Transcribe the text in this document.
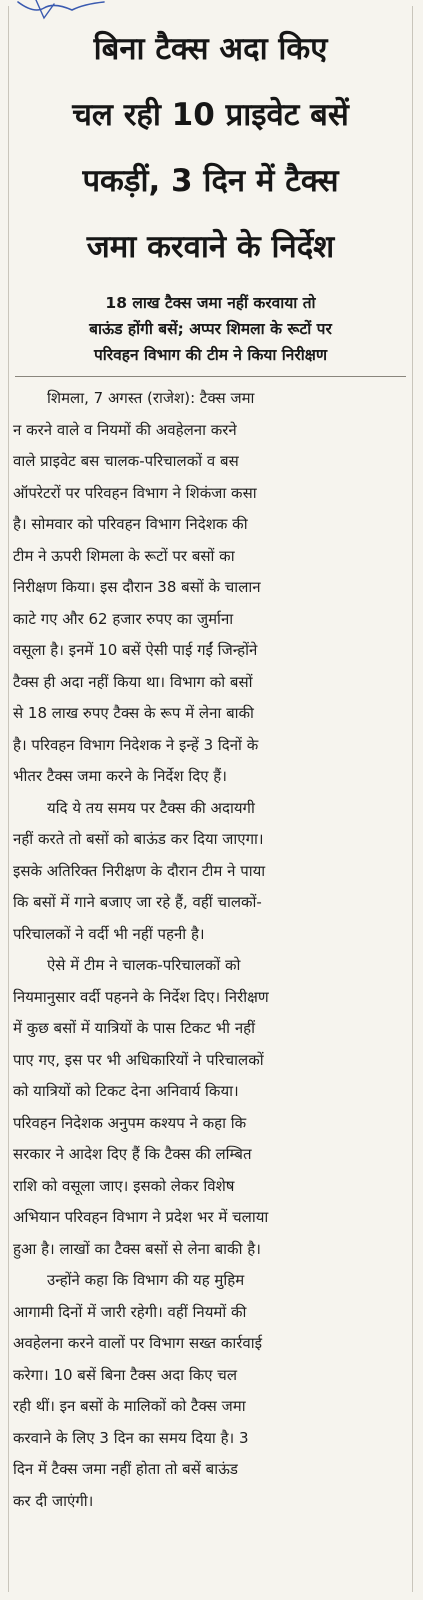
बिना टैक्स अदा किए
चल रही 10 प्राइवेट बसें
पकड़ीं, 3 दिन में टैक्स
जमा करवाने के निर्देश
18 लाख टैक्स जमा नहीं करवाया तो
बाऊंड होंगी बसें; अप्पर शिमला के रूटों पर
परिवहन विभाग की टीम ने किया निरीक्षण
शिमला, 7 अगस्त (राजेश): टैक्स जमा
न करने वाले व नियमों की अवहेलना करने
वाले प्राइवेट बस चालक-परिचालकों व बस
ऑपरेटरों पर परिवहन विभाग ने शिकंजा कसा
है। सोमवार को परिवहन विभाग निदेशक की
टीम ने ऊपरी शिमला के रूटों पर बसों का
निरीक्षण किया। इस दौरान 38 बसों के चालान
काटे गए और 62 हजार रुपए का जुर्माना
वसूला है। इनमें 10 बसें ऐसी पाई गईं जिन्होंने
टैक्स ही अदा नहीं किया था। विभाग को बसों
से 18 लाख रुपए टैक्स के रूप में लेना बाकी
है। परिवहन विभाग निदेशक ने इन्हें 3 दिनों के
भीतर टैक्स जमा करने के निर्देश दिए हैं।
यदि ये तय समय पर टैक्स की अदायगी
नहीं करते तो बसों को बाऊंड कर दिया जाएगा।
इसके अतिरिक्त निरीक्षण के दौरान टीम ने पाया
कि बसों में गाने बजाए जा रहे हैं, वहीं चालकों-
परिचालकों ने वर्दी भी नहीं पहनी है।
ऐसे में टीम ने चालक-परिचालकों को
नियमानुसार वर्दी पहनने के निर्देश दिए। निरीक्षण
में कुछ बसों में यात्रियों के पास टिकट भी नहीं
पाए गए, इस पर भी अधिकारियों ने परिचालकों
को यात्रियों को टिकट देना अनिवार्य किया।
परिवहन निदेशक अनुपम कश्यप ने कहा कि
सरकार ने आदेश दिए हैं कि टैक्स की लम्बित
राशि को वसूला जाए। इसको लेकर विशेष
अभियान परिवहन विभाग ने प्रदेश भर में चलाया
हुआ है। लाखों का टैक्स बसों से लेना बाकी है।
उन्होंने कहा कि विभाग की यह मुहिम
आगामी दिनों में जारी रहेगी। वहीं नियमों की
अवहेलना करने वालों पर विभाग सख्त कार्रवाई
करेगा। 10 बसें बिना टैक्स अदा किए चल
रही थीं। इन बसों के मालिकों को टैक्स जमा
करवाने के लिए 3 दिन का समय दिया है। 3
दिन में टैक्स जमा नहीं होता तो बसें बाऊंड
कर दी जाएंगी।
